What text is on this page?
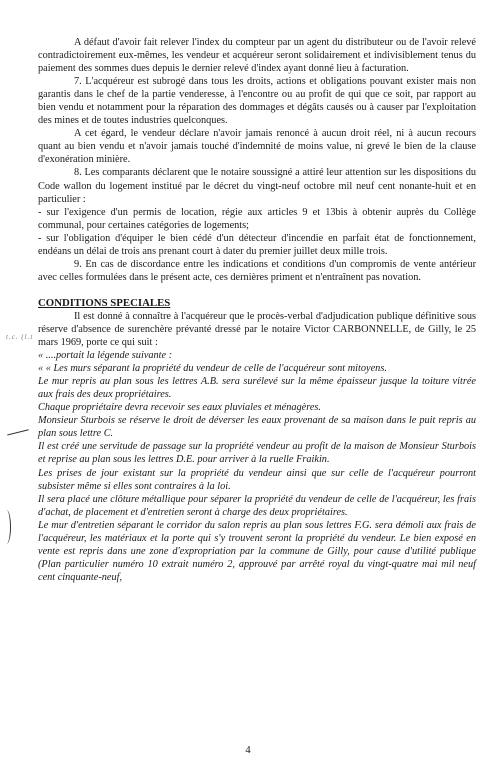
A défaut d'avoir fait relever l'index du compteur par un agent du distributeur ou de l'avoir relevé contradictoirement eux-mêmes, les vendeur et acquéreur seront solidairement et indivisiblement tenus du paiement des sommes dues depuis le dernier relevé d'index ayant donné lieu à facturation.

7. L'acquéreur est subrogé dans tous les droits, actions et obligations pouvant exister mais non garantis dans le chef de la partie venderesse, à l'encontre ou au profit de qui que ce soit, par rapport au bien vendu et notamment pour la réparation des dommages et dégâts causés ou à causer par l'exploitation des mines et de toutes industries quelconques.

A cet égard, le vendeur déclare n'avoir jamais renoncé à aucun droit réel, ni à aucun recours quant au bien vendu et n'avoir jamais touché d'indemnité de moins value, ni grevé le bien de la clause d'exonération minière.

8. Les comparants déclarent que le notaire soussigné a attiré leur attention sur les dispositions du Code wallon du logement institué par le décret du vingt-neuf octobre mil neuf cent nonante-huit et en particulier :

- sur l'exigence d'un permis de location, régie aux articles 9 et 13bis à obtenir auprès du Collège communal, pour certaines catégories de logements;

- sur l'obligation d'équiper le bien cédé d'un détecteur d'incendie en parfait état de fonctionnement, endéans un délai de trois ans prenant court à dater du premier juillet deux mille trois.

9. En cas de discordance entre les indications et conditions d'un compromis de vente antérieur avec celles formulées dans le présent acte, ces dernières priment et n'entraînent pas novation.

CONDITIONS SPECIALES

Il est donné à connaître à l'acquéreur que le procès-verbal d'adjudication publique définitive sous réserve d'absence de surenchère prévanté dressé par le notaire Victor CARBONNELLE, de Gilly, le 25 mars 1969, porte ce qui suit :

« ....portait la légende suivante :

« « Les murs séparant la propriété du vendeur de celle de l'acquéreur sont mitoyens.

Le mur repris au plan sous les lettres A.B. sera surélevé sur la même épaisseur jusque la toiture vitrée aux frais des deux propriétaires.

Chaque propriétaire devra recevoir ses eaux pluviales et ménagères.

Monsieur Sturbois se réserve le droit de déverser les eaux provenant de sa maison dans le puit repris au plan sous lettre C.

Il est créé une servitude de passage sur la propriété vendeur au profit de la maison de Monsieur Sturbois et reprise au plan sous les lettres D.E. pour arriver à la ruelle Fraikin.

Les prises de jour existant sur la propriété du vendeur ainsi que sur celle de l'acquéreur pourront subsister même si elles sont contraires à la loi.

Il sera placé une clôture métallique pour séparer la propriété du vendeur de celle de l'acquéreur, les frais d'achat, de placement et d'entretien seront à charge des deux propriétaires.

Le mur d'entretien séparant le corridor du salon repris au plan sous lettres F.G. sera démoli aux frais de l'acquéreur, les matériaux et la porte qui s'y trouvent seront la propriété du vendeur. Le bien exposé en vente est repris dans une zone d'expropriation par la commune de Gilly, pour cause d'utilité publique (Plan particulier numéro 10 extrait numéro 2, approuvé par arrêté royal du vingt-quatre mai mil neuf cent cinquante-neuf,

t.c. (l.t
4
